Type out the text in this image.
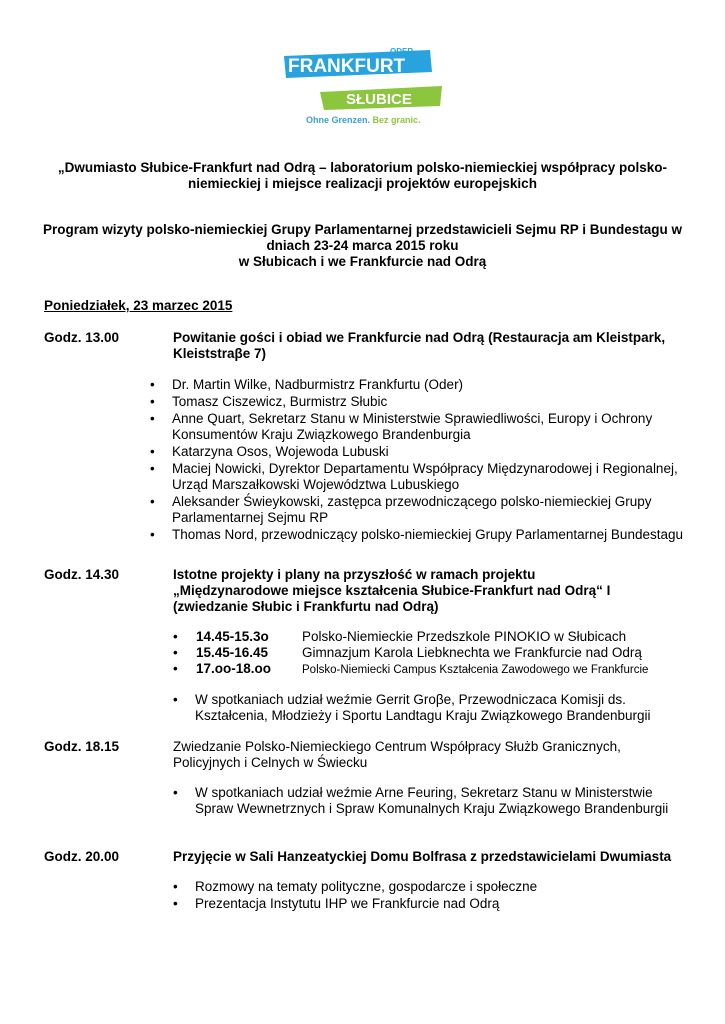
ODER
FRANKFURT
SŁUBICE
Ohne Grenzen. Bez granic.
„Dwumiasto Słubice-Frankfurt nad Odrą – laboratorium polsko-niemieckiej współpracy polsko-
niemieckiej i miejsce realizacji projektów europejskich
Program wizyty polsko-niemieckiej Grupy Parlamentarnej przedstawicieli Sejmu RP i Bundestagu w
dniach 23-24 marca 2015 roku
w Słubicach i we Frankfurcie nad Odrą
Poniedziałek, 23 marzec 2015
Godz. 13.00	Powitanie gości i obiad we Frankfurcie nad Odrą (Restauracja am Kleistpark,
Kleiststraβe 7)
• Dr. Martin Wilke, Nadburmistrz Frankfurtu (Oder)
• Tomasz Ciszewicz, Burmistrz Słubic
• Anne Quart, Sekretarz Stanu w Ministerstwie Sprawiedliwości, Europy i Ochrony Konsumentów Kraju Związkowego Brandenburgia
• Katarzyna Osos, Wojewoda Lubuski
• Maciej Nowicki, Dyrektor Departamentu Współpracy Międzynarodowej i Regionalnej, Urząd Marszałkowski Województwa Lubuskiego
• Aleksander Świeykowski, zastępca przewodniczącego polsko-niemieckiej Grupy Parlamentarnej Sejmu RP
• Thomas Nord, przewodniczący polsko-niemieckiej Grupy Parlamentarnej Bundestagu
Godz. 14.30	Istotne projekty i plany na przyszłość w ramach projektu
„Międzynarodowe miejsce kształcenia Słubice-Frankfurt nad Odrą“ I
(zwiedzanie Słubic i Frankfurtu nad Odrą)
• 14.45-15.3o Polsko-Niemieckie Przedszkole PINOKIO w Słubicach
• 15.45-16.45	Gimnazjum Karola Liebknechta we Frankfurcie nad Odrą
• 17.oo-18.oo	Polsko-Niemiecki Campus Kształcenia Zawodowego we Frankfurcie
• W spotkaniach udział weźmie Gerrit Groβe, Przewodniczaca Komisji ds. Kształcenia, Młodzieży i Sportu Landtagu Kraju Związkowego Brandenburgii
Godz. 18.15	Zwiedzanie Polsko-Niemieckiego Centrum Współpracy Służb Granicznych,
Policyjnych i Celnych w Świecku
• W spotkaniach udział weźmie Arne Feuring, Sekretarz Stanu w Ministerstwie Spraw Wewnetrznych i Spraw Komunalnych Kraju Związkowego Brandenburgii
Godz. 20.00	Przyjęcie w Sali Hanzeatyckiej Domu Bolfrasa z przedstawicielami Dwumiasta
• Rozmowy na tematy polityczne, gospodarcze i społeczne
• Prezentacja Instytutu IHP we Frankfurcie nad Odrą
